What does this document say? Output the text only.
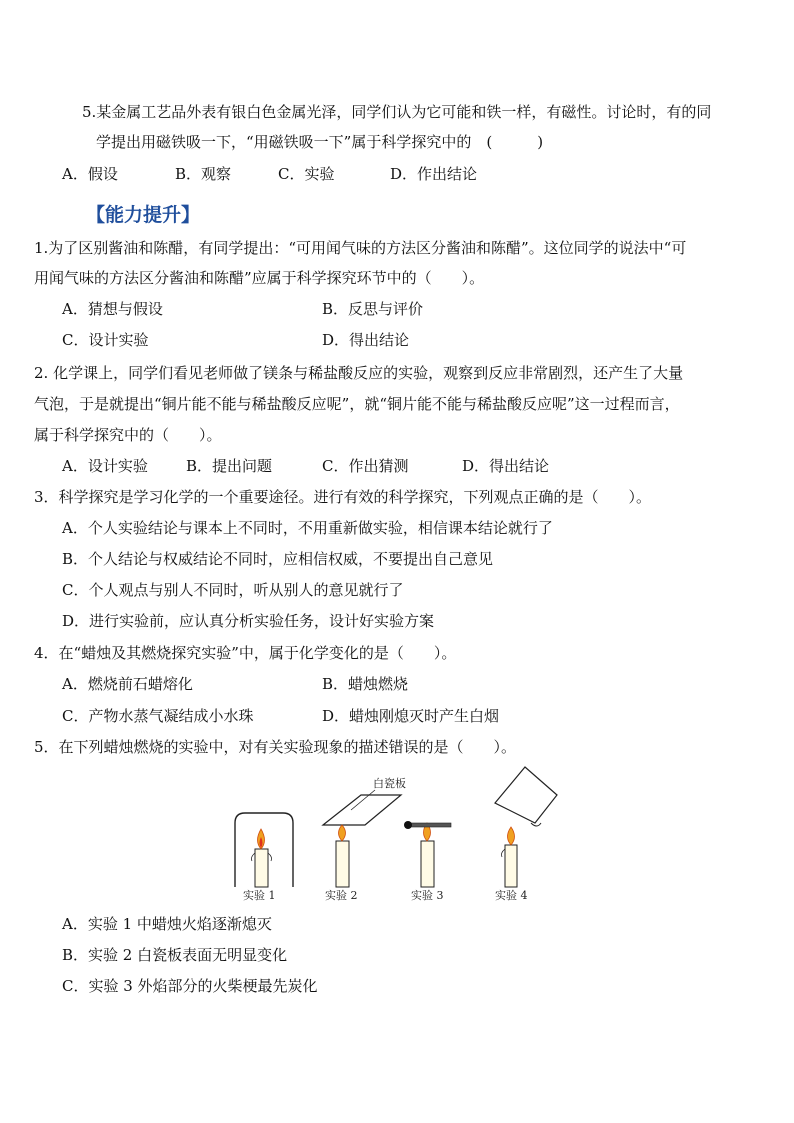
5.某金属工艺品外表有银白色金属光泽，同学们认为它可能和铁一样，有磁性。讨论时，有的同
学提出用磁铁吸一下，“用磁铁吸一下”属于科学探究中的　(　　　)
A．假设	B．观察	C．实验	D．作出结论
【能力提升】
1.为了区别酱油和陈醋，有同学提出：“可用闻气味的方法区分酱油和陈醋”。这位同学的说法中“可
用闻气味的方法区分酱油和陈醋”应属于科学探究环节中的（　　）。
A．猜想与假设	B．反思与评价
C．设计实验	D．得出结论
2. 化学课上，同学们看见老师做了镁条与稀盐酸反应的实验，观察到反应非常剧烈，还产生了大量
气泡，于是就提出“铜片能不能与稀盐酸反应呢”，就“铜片能不能与稀盐酸反应呢”这一过程而言，
属于科学探究中的（　　）。
A．设计实验	B．提出问题	C．作出猜测	D．得出结论
3．科学探究是学习化学的一个重要途径。进行有效的科学探究，下列观点正确的是（　　）。
A．个人实验结论与课本上不同时，不用重新做实验，相信课本结论就行了
B．个人结论与权威结论不同时，应相信权威，不要提出自己意见
C．个人观点与别人不同时，听从别人的意见就行了
D．进行实验前，应认真分析实验任务，设计好实验方案
4．在“蜡烛及其燃烧探究实验”中，属于化学变化的是（　　）。
A．燃烧前石蜡熔化	B．蜡烛燃烧
C．产物水蒸气凝结成小水珠	D．蜡烛刚熄灭时产生白烟
5．在下列蜡烛燃烧的实验中，对有关实验现象的描述错误的是（　　）。
白瓷板
实验 1	实验 2	实验 3	实验 4
A．实验 1 中蜡烛火焰逐渐熄灭
B．实验 2 白瓷板表面无明显变化
C．实验 3 外焰部分的火柴梗最先炭化
